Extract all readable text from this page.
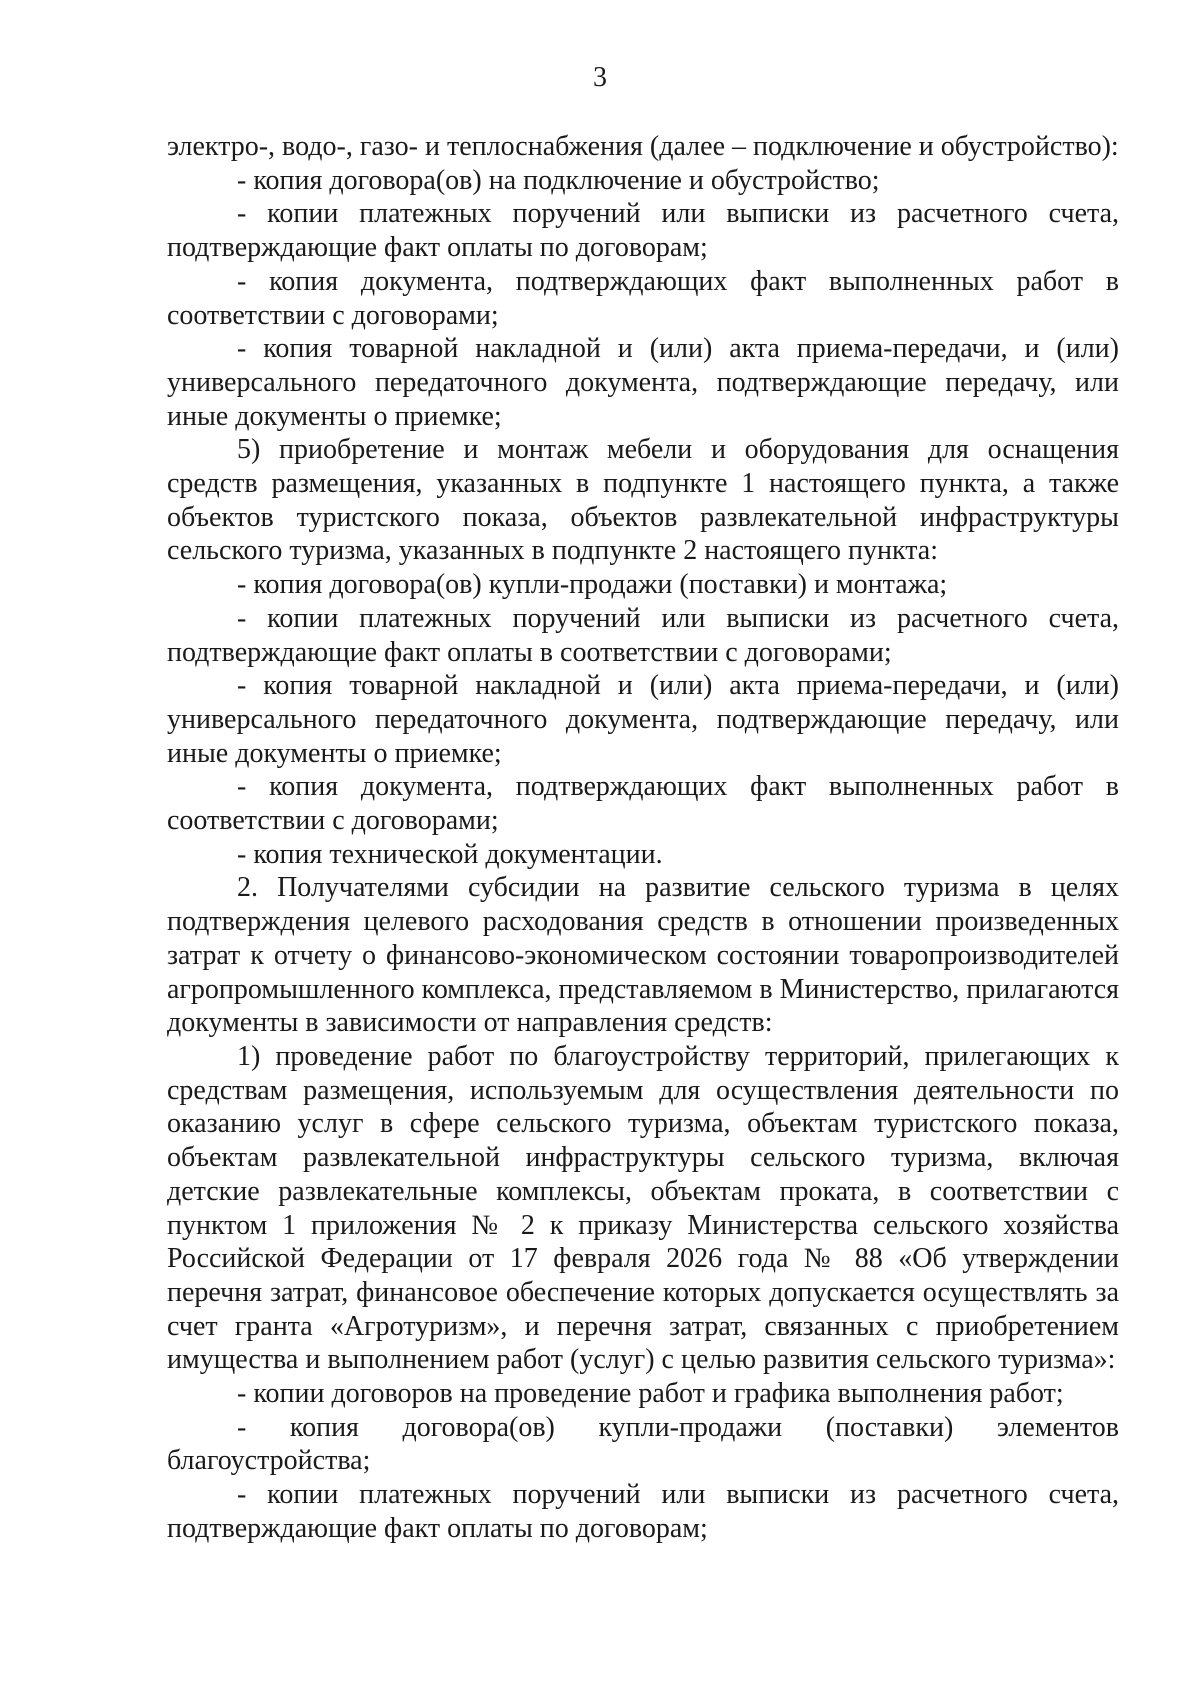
3

электро-, водо-, газо- и теплоснабжения (далее – подключение и обустройство):

- копия договора(ов) на подключение и обустройство;

- копии платежных поручений или выписки из расчетного счета, подтверждающие факт оплаты по договорам;

- копия документа, подтверждающих факт выполненных работ в соответствии с договорами;

- копия товарной накладной и (или) акта приема-передачи, и (или) универсального передаточного документа, подтверждающие передачу, или иные документы о приемке;

5) приобретение и монтаж мебели и оборудования для оснащения средств размещения, указанных в подпункте 1 настоящего пункта, а также объектов туристского показа, объектов развлекательной инфраструктуры сельского туризма, указанных в подпункте 2 настоящего пункта:

- копия договора(ов) купли-продажи (поставки) и монтажа;

- копии платежных поручений или выписки из расчетного счета, подтверждающие факт оплаты в соответствии с договорами;

- копия товарной накладной и (или) акта приема-передачи, и (или) универсального передаточного документа, подтверждающие передачу, или иные документы о приемке;

- копия документа, подтверждающих факт выполненных работ в соответствии с договорами;

- копия технической документации.

2. Получателями субсидии на развитие сельского туризма в целях подтверждения целевого расходования средств в отношении произведенных затрат к отчету о финансово-экономическом состоянии товаропроизводителей агропромышленного комплекса, представляемом в Министерство, прилагаются документы в зависимости от направления средств:

1) проведение работ по благоустройству территорий, прилегающих к средствам размещения, используемым для осуществления деятельности по оказанию услуг в сфере сельского туризма, объектам туристского показа, объектам развлекательной инфраструктуры сельского туризма, включая детские развлекательные комплексы, объектам проката, в соответствии с пунктом 1 приложения № 2 к приказу Министерства сельского хозяйства Российской Федерации от 17 февраля 2026 года № 88 «Об утверждении перечня затрат, финансовое обеспечение которых допускается осуществлять за счет гранта «Агротуризм», и перечня затрат, связанных с приобретением имущества и выполнением работ (услуг) с целью развития сельского туризма»:

- копии договоров на проведение работ и графика выполнения работ;

- копия договора(ов) купли-продажи (поставки) элементов благоустройства;

- копии платежных поручений или выписки из расчетного счета, подтверждающие факт оплаты по договорам;
